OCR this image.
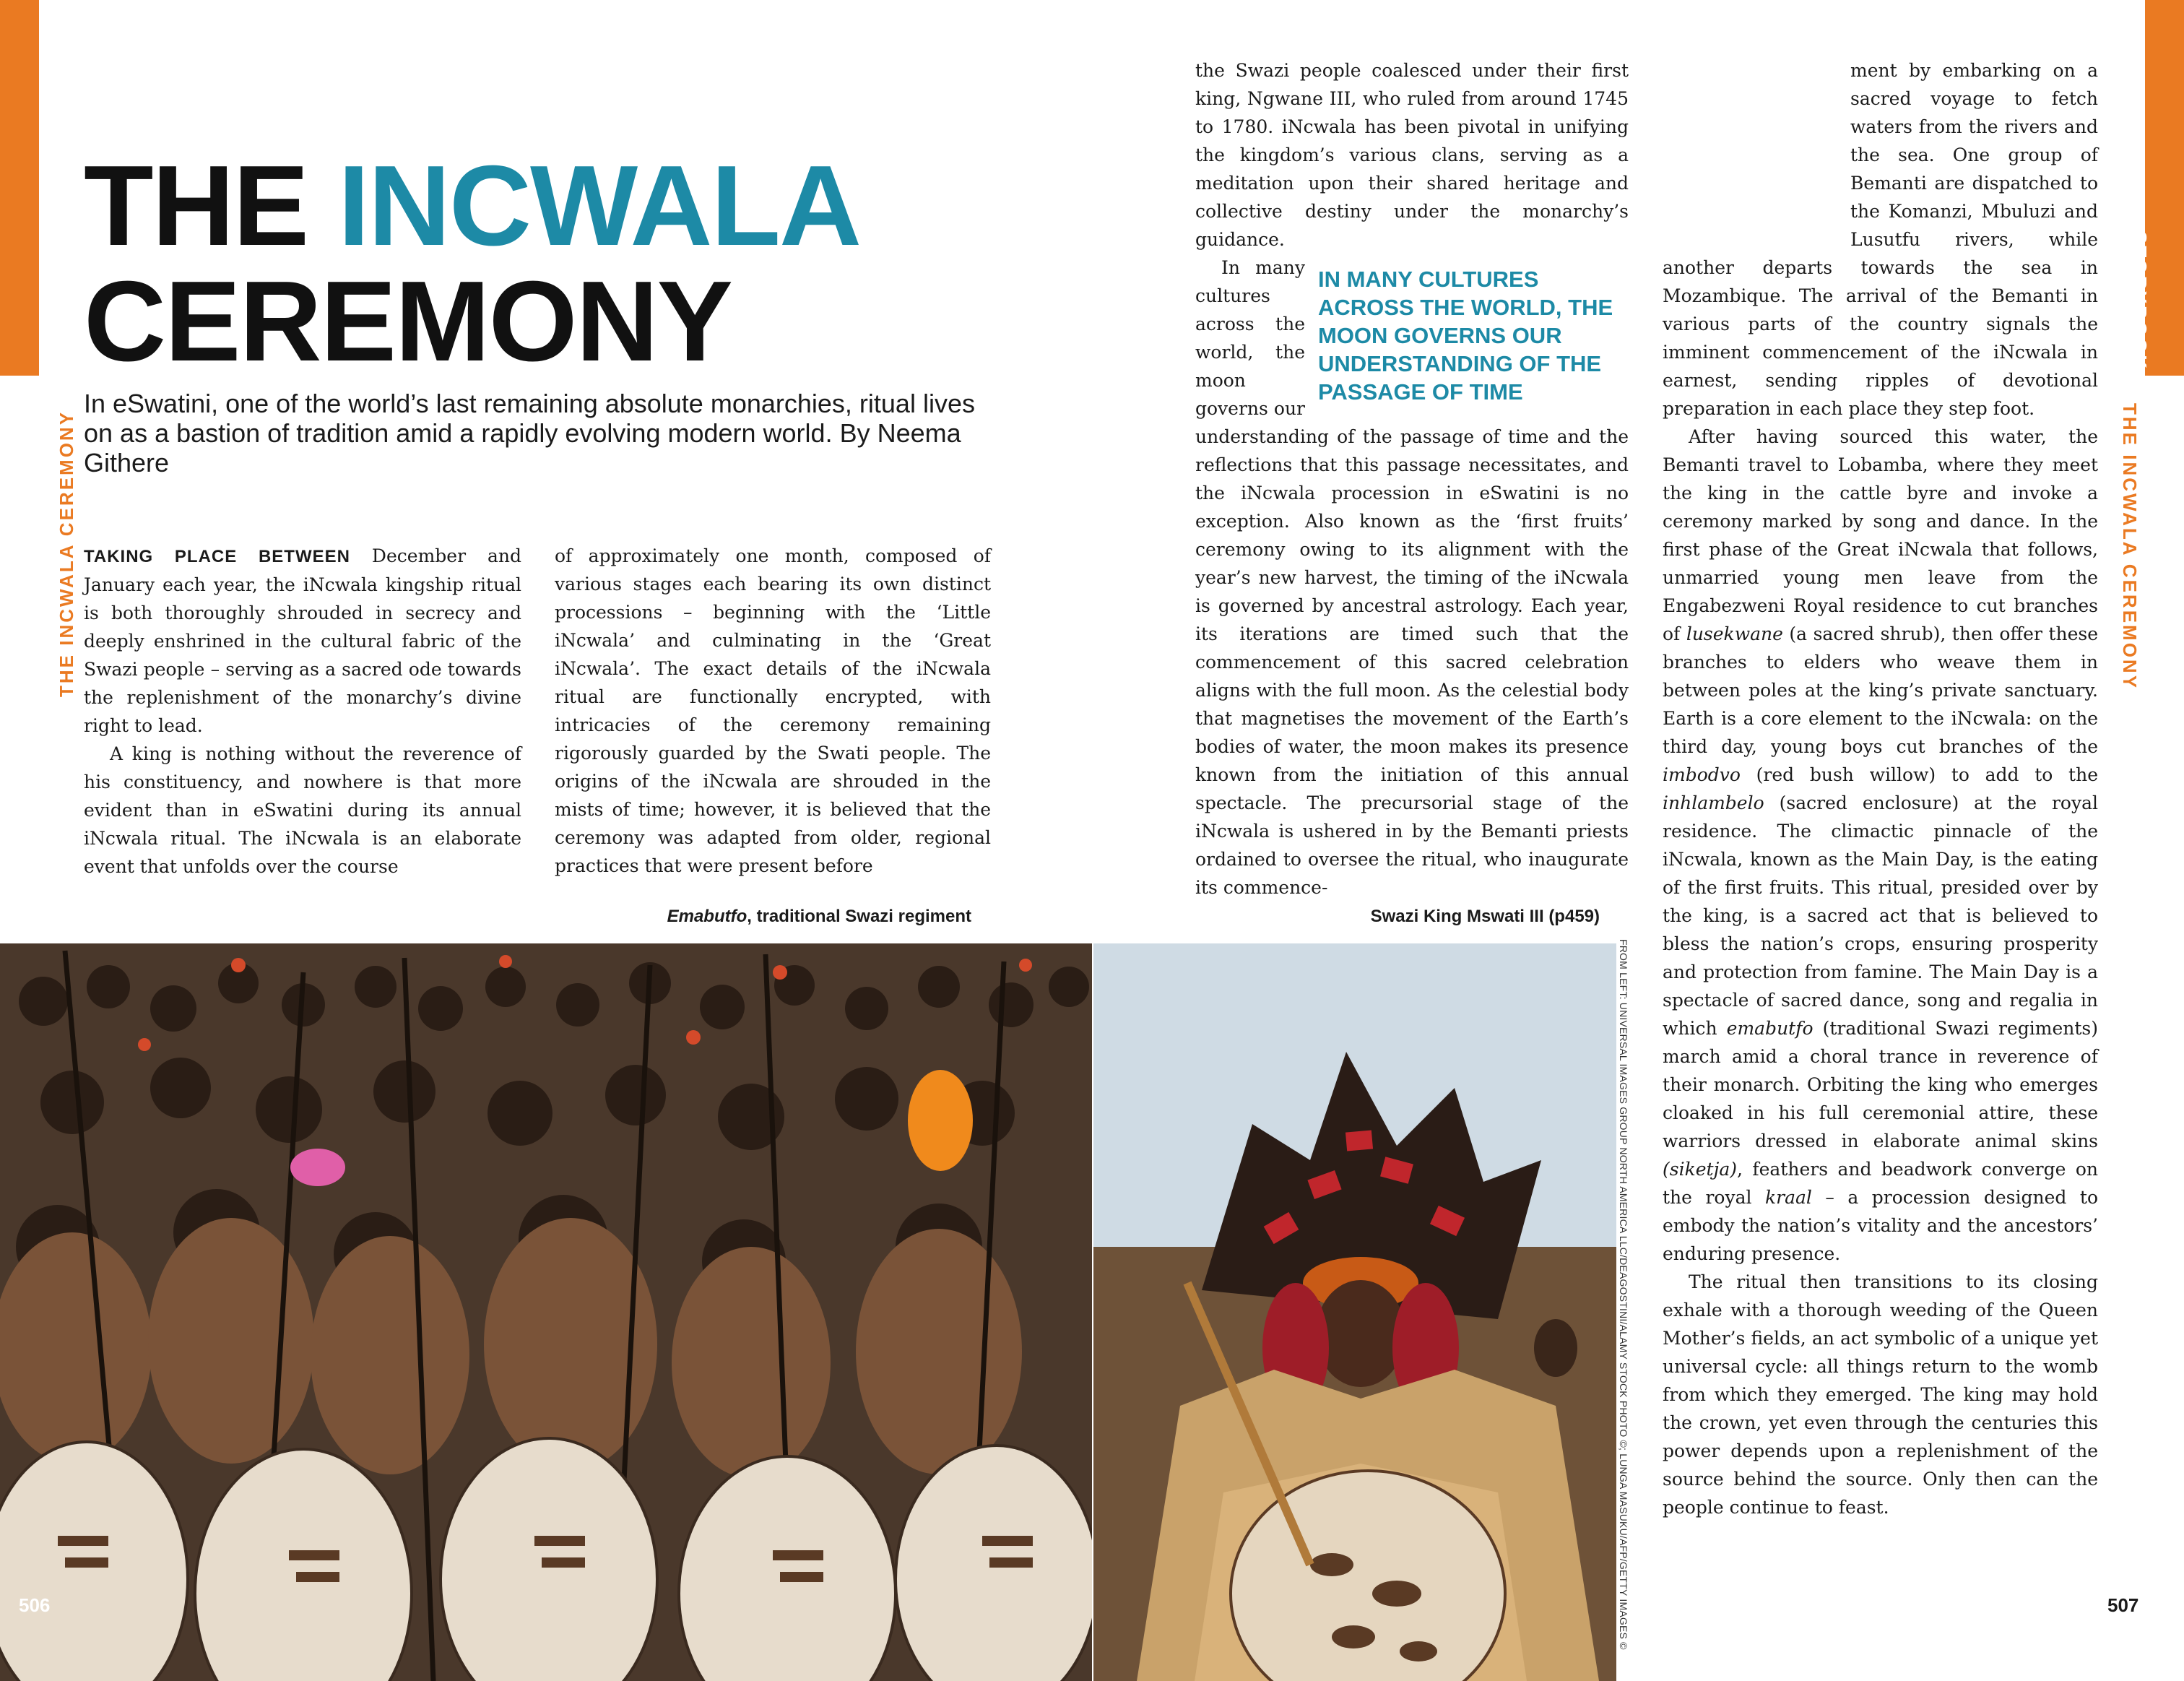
STORYBOOK
THE INCWALA CEREMONY
STORYBOOK
THE INCWALA CEREMONY
THE INCWALA
CEREMONY

In eSwatini, one of the world’s last remaining absolute monarchies, ritual lives on as a bastion of tradition amid a rapidly evolving modern world. By Neema Githere

TAKING PLACE BETWEEN December and January each year, the iNcwala kingship ritual is both thoroughly shrouded in secrecy and deeply enshrined in the cultural fabric of the Swazi people – serving as a sacred ode towards the replenishment of the monarchy’s divine right to lead.

A king is nothing without the reverence of his constituency, and nowhere is that more evident than in eSwatini during its annual iNcwala ritual. The iNcwala is an elaborate event that unfolds over the course

of approximately one month, composed of various stages each bearing its own distinct processions – beginning with the ‘Little iNcwala’ and culminating in the ‘Great iNcwala’. The exact details of the iNcwala ritual are functionally encrypted, with intricacies of the ceremony remaining rigorously guarded by the Swati people. The origins of the iNcwala are shrouded in the mists of time; however, it is believed that the ceremony was adapted from older, regional practices that were present before

the Swazi people coalesced under their first king, Ngwane III, who ruled from around 1745 to 1780. iNcwala has been pivotal in unifying the kingdom’s various clans, serving as a meditation upon their shared heritage and collective destiny under the monarchy’s guidance.

IN MANY CULTURES ACROSS THE WORLD, THE MOON GOVERNS OUR UNDERSTANDING OF THE PASSAGE OF TIME
In many cultures across the world, the moon governs our understanding of the passage of time and the reflections that this passage necessitates, and the iNcwala procession in eSwatini is no exception. Also known as the ‘first fruits’ ceremony owing to its alignment with the year’s new harvest, the timing of the iNcwala is governed by ancestral astrology. Each year, its iterations are timed such that the commencement of this sacred celebration aligns with the full moon. As the celestial body that magnetises the movement of the Earth’s bodies of water, the moon makes its presence known from the initiation of this annual spectacle. The precursorial stage of the iNcwala is ushered in by the Bemanti priests ordained to oversee the ritual, who inaugurate its commence-

ment by embarking on a sacred voyage to fetch waters from the rivers and the sea. One group of Bemanti are dispatched to the Komanzi, Mbuluzi and Lusutfu rivers, while another departs towards the sea in Mozambique. The arrival of the Bemanti in various parts of the country signals the imminent commencement of the iNcwala in earnest, sending ripples of devotional preparation in each place they step foot.

After having sourced this water, the Bemanti travel to Lobamba, where they meet the king in the cattle byre and invoke a ceremony marked by song and dance. In the first phase of the Great iNcwala that follows, unmarried young men leave from the Engabezweni Royal residence to cut branches of lusekwane (a sacred shrub), then offer these branches to elders who weave them in between poles at the king’s private sanctuary. Earth is a core element to the iNcwala: on the third day, young boys cut branches of the imbodvo (red bush willow) to add to the inhlambelo (sacred enclosure) at the royal residence. The climactic pinnacle of the iNcwala, known as the Main Day, is the eating of the first fruits. This ritual, presided over by the king, is a sacred act that is believed to bless the nation’s crops, ensuring prosperity and protection from famine. The Main Day is a spectacle of sacred dance, song and regalia in which emabutfo (traditional Swazi regiments) march amid a choral trance in reverence of their monarch. Orbiting the king who emerges cloaked in his full ceremonial attire, these warriors dressed in elaborate animal skins (siketja), feathers and beadwork converge on the royal kraal – a procession designed to embody the nation’s vitality and the ancestors’ enduring presence.

The ritual then transitions to its closing exhale with a thorough weeding of the Queen Mother’s fields, an act symbolic of a unique yet universal cycle: all things return to the womb from which they emerged. The king may hold the crown, yet even through the centuries this power depends upon a replenishment of the source behind the source. Only then can the people continue to feast.

Emabutfo, traditional Swazi regiment	Swazi King Mswati III (p459)
FROM LEFT: UNIVERSAL IMAGES GROUP NORTH AMERICA LLC/DEAGOSTINI/ALAMY STOCK PHOTO ©; LUNGA MASUKU/AFP/GETTY IMAGES ©
506	507
